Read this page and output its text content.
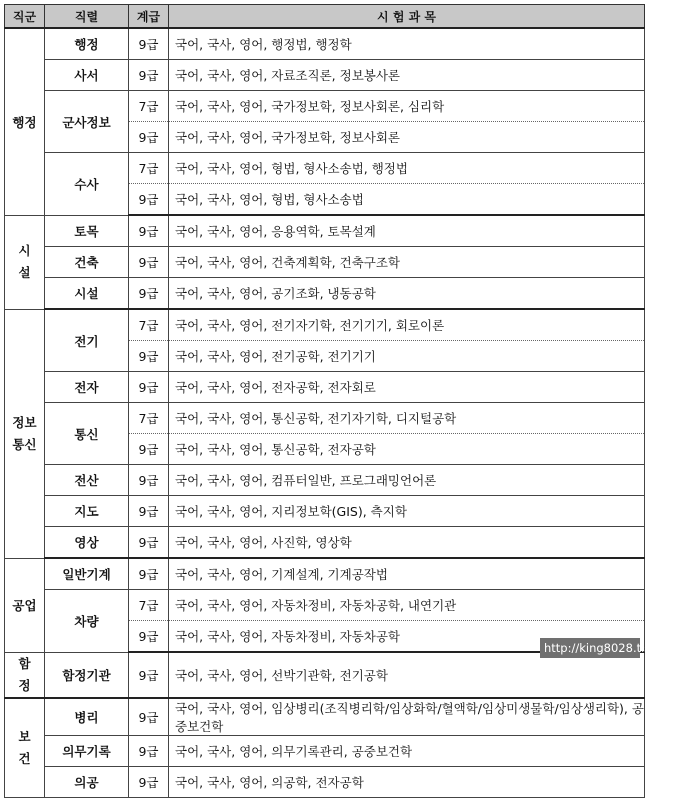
직군	직렬	계급	시 험 과 목

행정	행정	9급	국어, 국사, 영어, 행정법, 행정학
	사서	9급	국어, 국사, 영어, 자료조직론, 정보봉사론
	군사정보	7급	국어, 국사, 영어, 국가정보학, 정보사회론, 심리학
		9급	국어, 국사, 영어, 국가정보학, 정보사회론
	수사	7급	국어, 국사, 영어, 형법, 형사소송법, 행정법
		9급	국어, 국사, 영어, 형법, 형사소송법

시
설	토목	9급	국어, 국사, 영어, 응용역학, 토목설계
	건축	9급	국어, 국사, 영어, 건축계획학, 건축구조학
	시설	9급	국어, 국사, 영어, 공기조화, 냉동공학

정보
통신	전기	7급	국어, 국사, 영어, 전기자기학, 전기기기, 회로이론
		9급	국어, 국사, 영어, 전기공학, 전기기기
	전자	9급	국어, 국사, 영어, 전자공학, 전자회로
	통신	7급	국어, 국사, 영어, 통신공학, 전기자기학, 디지털공학
		9급	국어, 국사, 영어, 통신공학, 전자공학
	전산	9급	국어, 국사, 영어, 컴퓨터일반, 프로그래밍언어론
	지도	9급	국어, 국사, 영어, 지리정보학(GIS), 측지학
	영상	9급	국어, 국사, 영어, 사진학, 영상학

공업	일반기계	9급	국어, 국사, 영어, 기계설계, 기계공작법
	차량	7급	국어, 국사, 영어, 자동차정비, 자동차공학, 내연기관
		9급	국어, 국사, 영어, 자동차정비, 자동차공학

함
정	함정기관	9급	국어, 국사, 영어, 선박기관학, 전기공학

보
건	병리	9급	국어, 국사, 영어, 임상병리(조직병리학/임상화학/혈액학/임상미생물학/임상생리학), 공중보건학
	의무기록	9급	국어, 국사, 영어, 의무기록관리, 공중보건학
	의공	9급	국어, 국사, 영어, 의공학, 전자공학
http://king8028.tistory.com
